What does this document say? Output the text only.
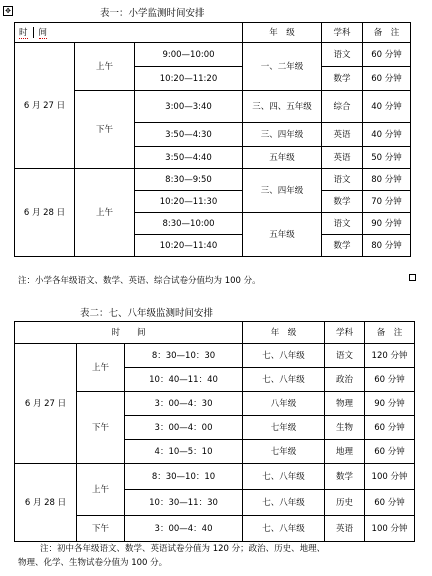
✥	表一：小学监测时间安排
时 间			年　级	学科	备　注
6 月 27 日	上午	9:00—10:00	一、二年级	语文	60 分钟
		10:20—11:20		数学	60 分钟
	下午	3:00—3:40	三、四、五年级	综合	40 分钟
		3:50—4:30	三、四年级	英语	40 分钟
		3:50—4:40	五年级	英语	50 分钟
6 月 28 日	上午	8:30—9:50	三、四年级	语文	80 分钟
		10:20—11:30		数学	70 分钟
		8:30—10:00	五年级	语文	90 分钟
		10:20—11:40		数学	80 分钟
注：小学各年级语文、数学、英语、综合试卷分值均为 100 分。
表二：七、八年级监测时间安排
时　　间			年　级	学科	备　注
6 月 27 日	上午	8：30—10：30	七、八年级	语文	120 分钟
		10：40—11：40	七、八年级	政治	60 分钟
	下午	3：00—4：30	八年级	物理	90 分钟
		3：00—4：00	七年级	生物	60 分钟
		4：10—5：10	七年级	地理	60 分钟
6 月 28 日	上午	8：30—10：10	七、八年级	数学	100 分钟
		10：30—11：30	七、八年级	历史	60 分钟
	下午	3：00—4：40	七、八年级	英语	100 分钟
注：初中各年级语文、数学、英语试卷分值为 120 分；政治、历史、地理、
物理、化学、生物试卷分值为 100 分。
